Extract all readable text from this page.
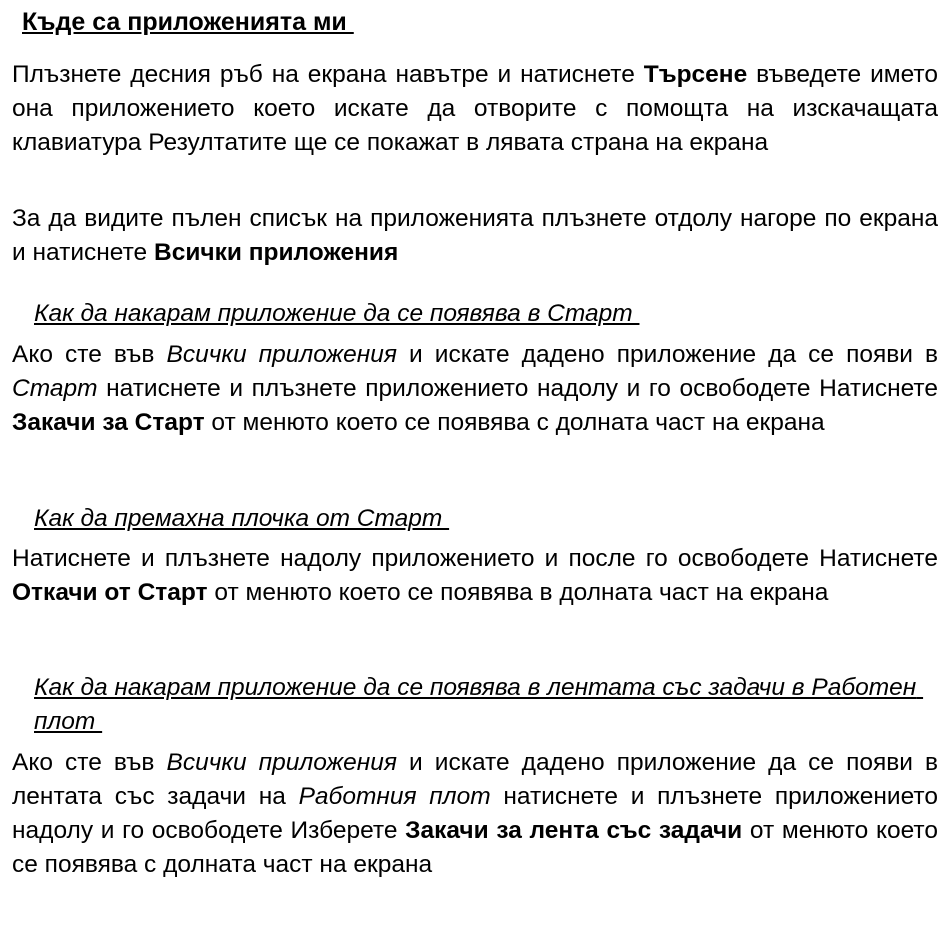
Къде са приложенията ми

Плъзнете десния ръб на екрана навътре и натиснете Търсене въведете името она приложението което искате да отворите с помощта на изскачащата клавиатура Резултатите ще се покажат в лявата страна на екрана

За да видите пълен списък на приложенията плъзнете отдолу нагоре по екрана и натиснете Всички приложения

Как да накарам приложение да се появява в Старт

Ако сте във Всички приложения и искате дадено приложение да се появи в Старт натиснете и плъзнете приложението надолу и го освободете Натиснете Закачи за Старт от менюто което се появява с долната част на екрана

Как да премахна плочка от Старт

Натиснете и плъзнете надолу приложението и после го освободете Натиснете Откачи от Старт от менюто което се появява в долната част на екрана

Как да накарам приложение да се появява в лентата със задачи в Работен плот

Ако сте във Всички приложения и искате дадено приложение да се появи в лентата със задачи на Работния плот натиснете и плъзнете приложението надолу и го освободете Изберете Закачи за лента със задачи от менюто което се появява с долната част на екрана
